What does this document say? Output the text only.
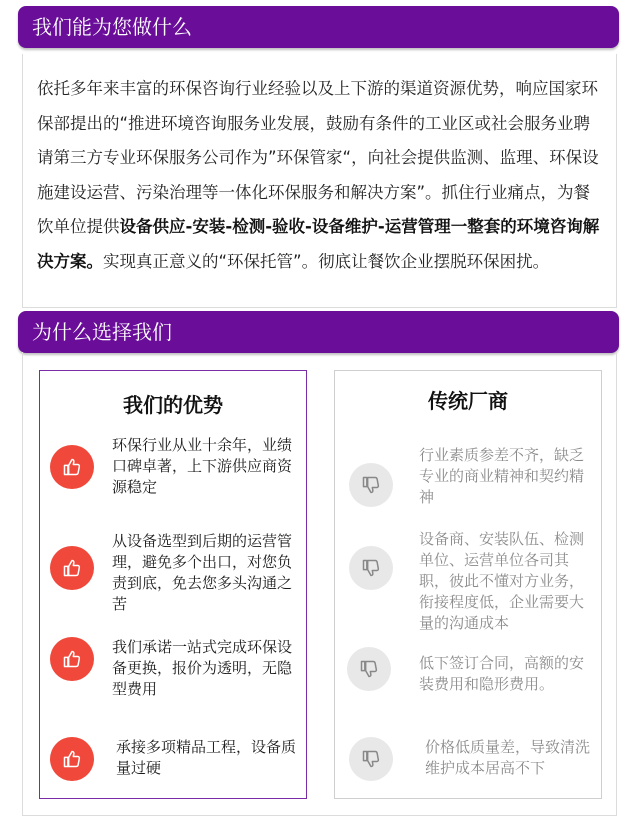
我们能为您做什么
依托多年来丰富的环保咨询行业经验以及上下游的渠道资源优势，响应国家环保部提出的“推进环境咨询服务业发展，鼓励有条件的工业区或社会服务业聘请第三方专业环保服务公司作为”环保管家“，向社会提供监测、监理、环保设施建设运营、污染治理等一体化环保服务和解决方案”。抓住行业痛点，为餐饮单位提供设备供应-安装-检测-验收-设备维护-运营管理一整套的环境咨询解决方案。实现真正意义的“环保托管”。彻底让餐饮企业摆脱环保困扰。
为什么选择我们
我们的优势
环保行业从业十余年，业绩口碑卓著，上下游供应商资源稳定
从设备选型到后期的运营管理，避免多个出口，对您负责到底，免去您多头沟通之苦
我们承诺一站式完成环保设备更换，报价为透明，无隐型费用
承接多项精品工程，设备质量过硬
传统厂商
行业素质参差不齐，缺乏专业的商业精神和契约精神
设备商、安装队伍、检测单位、运营单位各司其职，彼此不懂对方业务，衔接程度低，企业需要大量的沟通成本
低下签订合同，高额的安装费用和隐形费用。
价格低质量差，导致清洗维护成本居高不下
